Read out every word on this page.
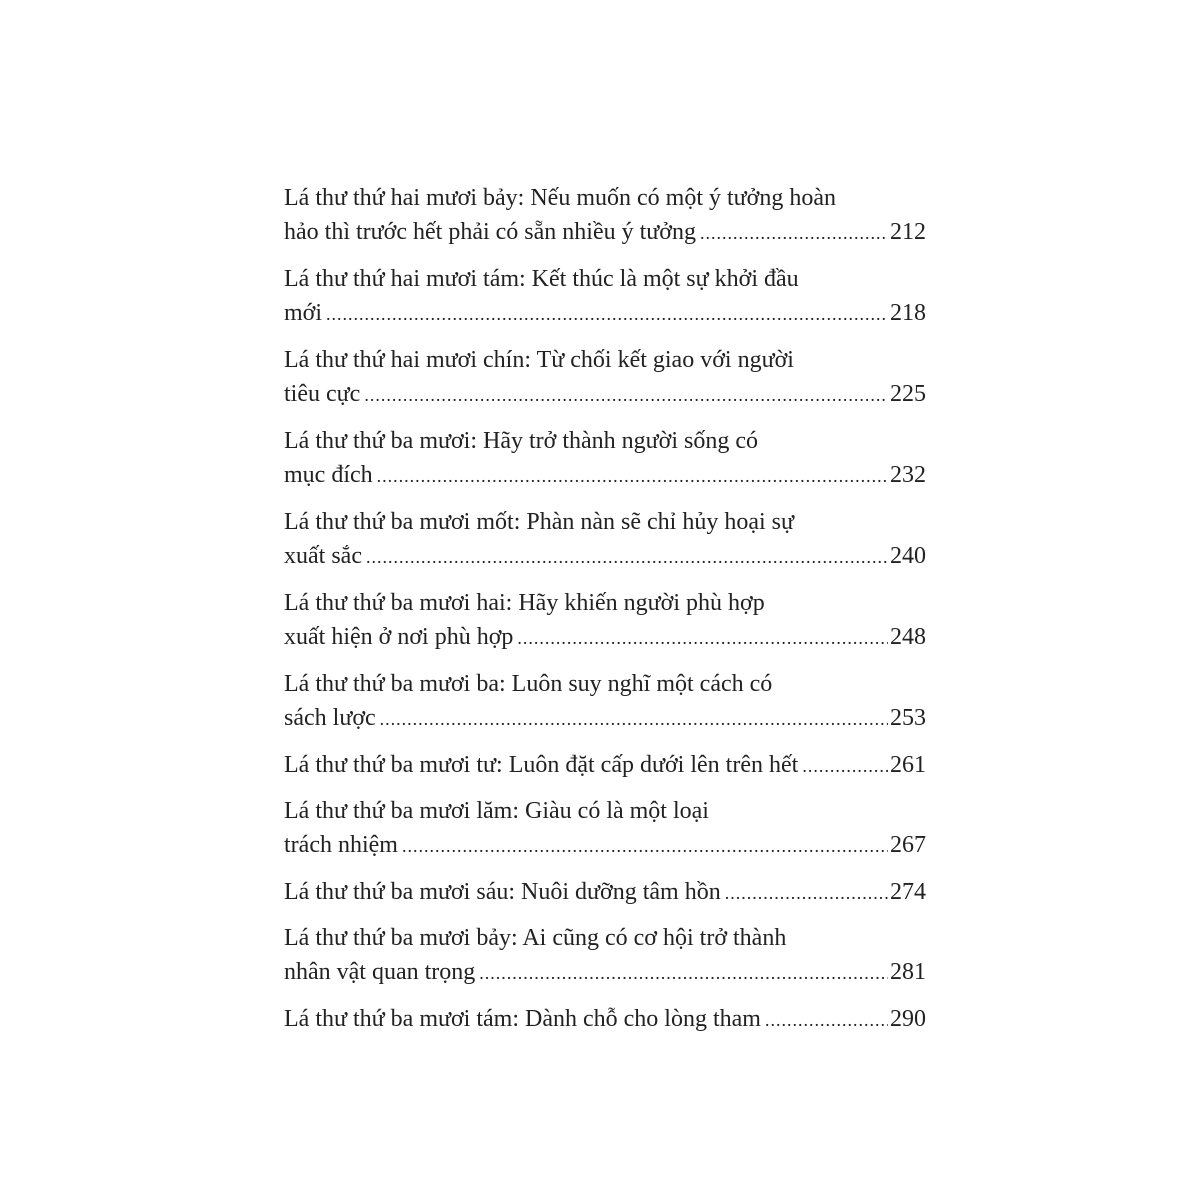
Lá thư thứ hai mươi bảy: Nếu muốn có một ý tưởng hoàn
hảo thì trước hết phải có sẵn nhiều ý tưởng .....	212
Lá thư thứ hai mươi tám: Kết thúc là một sự khởi đầu
mới .....	218
Lá thư thứ hai mươi chín: Từ chối kết giao với người
tiêu cực .....	225
Lá thư thứ ba mươi: Hãy trở thành người sống có
mục đích .....	232
Lá thư thứ ba mươi mốt: Phàn nàn sẽ chỉ hủy hoại sự
xuất sắc .....	240
Lá thư thứ ba mươi hai: Hãy khiến người phù hợp
xuất hiện ở nơi phù hợp .....	248
Lá thư thứ ba mươi ba: Luôn suy nghĩ một cách có
sách lược .....	253
Lá thư thứ ba mươi tư: Luôn đặt cấp dưới lên trên hết .....	261
Lá thư thứ ba mươi lăm: Giàu có là một loại
trách nhiệm .....	267
Lá thư thứ ba mươi sáu: Nuôi dưỡng tâm hồn .....	274
Lá thư thứ ba mươi bảy: Ai cũng có cơ hội trở thành
nhân vật quan trọng .....	281
Lá thư thứ ba mươi tám: Dành chỗ cho lòng tham .....	290
